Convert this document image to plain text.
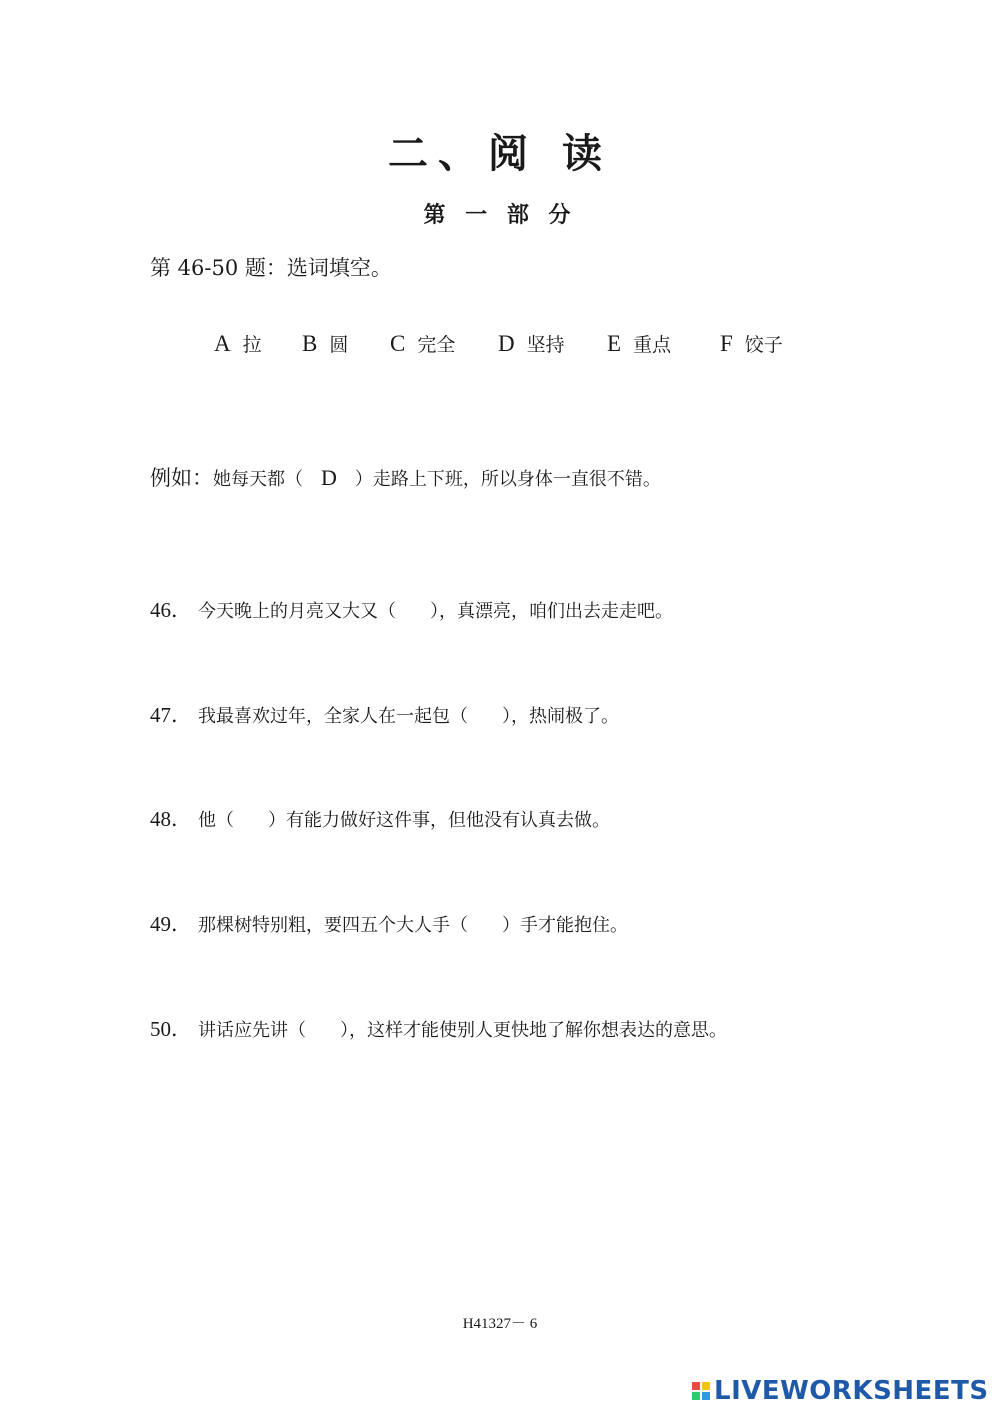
二、阅 读
第 一 部 分
第 46-50 题：选词填空。
A 拉 B 圆 C 完全 D 坚持 E 重点 F 饺子
例如：她每天都（ D ）走路上下班，所以身体一直很不错。
46． 今天晚上的月亮又大又（ ），真漂亮，咱们出去走走吧。
47． 我最喜欢过年，全家人在一起包（ ），热闹极了。
48． 他（ ）有能力做好这件事，但他没有认真去做。
49． 那棵树特别粗，要四五个大人手（ ）手才能抱住。
50． 讲话应先讲（ ），这样才能使别人更快地了解你想表达的意思。
H41327－ 6
LIVEWORKSHEETS
